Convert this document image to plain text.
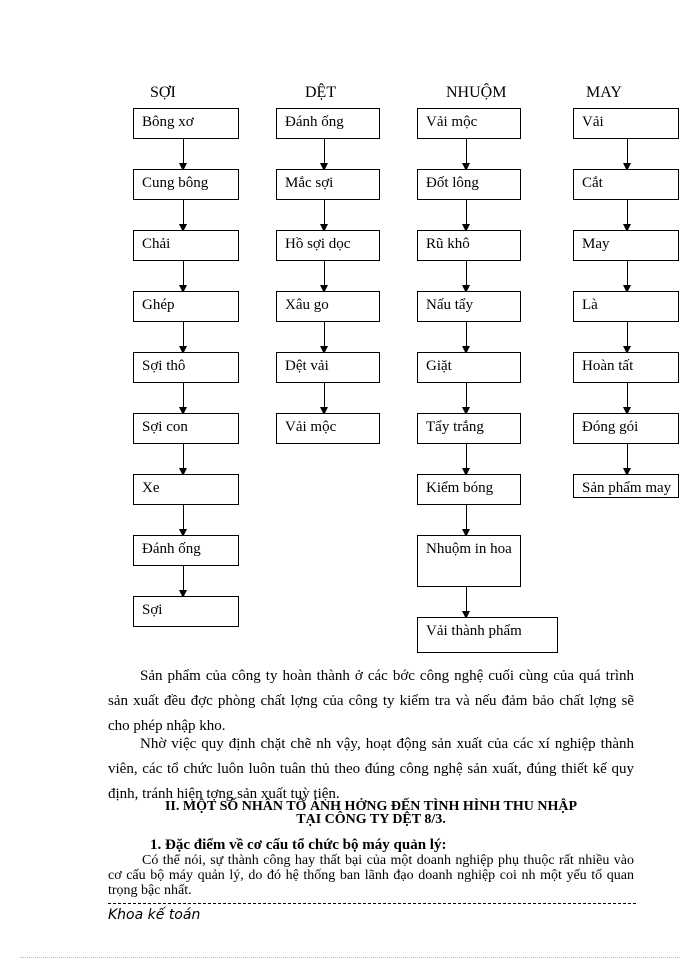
SỢI	DỆT	NHUỘM	MAY
Bông xơ
Cung bông
Chải
Ghép
Sợi thô
Sợi con
Xe
Đánh ống
Sợi
Đánh ống
Mắc sợi
Hồ sợi dọc
Xâu go
Dệt vải
Vải mộc
Vải mộc
Đốt lông
Rũ khô
Nấu tẩy
Giặt
Tẩy trắng
Kiểm bóng
Nhuộm in hoa
Vải thành phẩm
Vải
Cắt
May
Là
Hoàn tất
Đóng gói
Sản phẩm may

Sản phẩm của công ty hoàn thành ở các bớc công nghệ cuối cùng của quá trình sản xuất đều đợc phòng chất lợng của công ty kiểm tra và nếu đảm bảo chất lợng sẽ cho phép nhập kho.

Nhờ việc quy định chặt chẽ nh vậy, hoạt động sản xuất của các xí nghiệp thành viên, các tổ chức luôn luôn tuân thủ theo đúng công nghệ sản xuất, đúng thiết kế quy định, tránh hiện tợng sản xuất tuỳ tiện.

II. MỘT SỐ NHÂN TỐ ẢNH HỞNG ĐẾN TÌNH HÌNH THU NHẬP
TẠI CÔNG TY DỆT 8/3.

1. Đặc điểm về cơ cấu tổ chức bộ máy quản lý:

Có thể nói, sự thành công hay thất bại của một doanh nghiệp phụ thuộc rất nhiều vào cơ cấu bộ máy quản lý, do đó hệ thống ban lãnh đạo doanh nghiệp coi nh một yếu tố quan trọng bậc nhất.

Khoa kế toán
